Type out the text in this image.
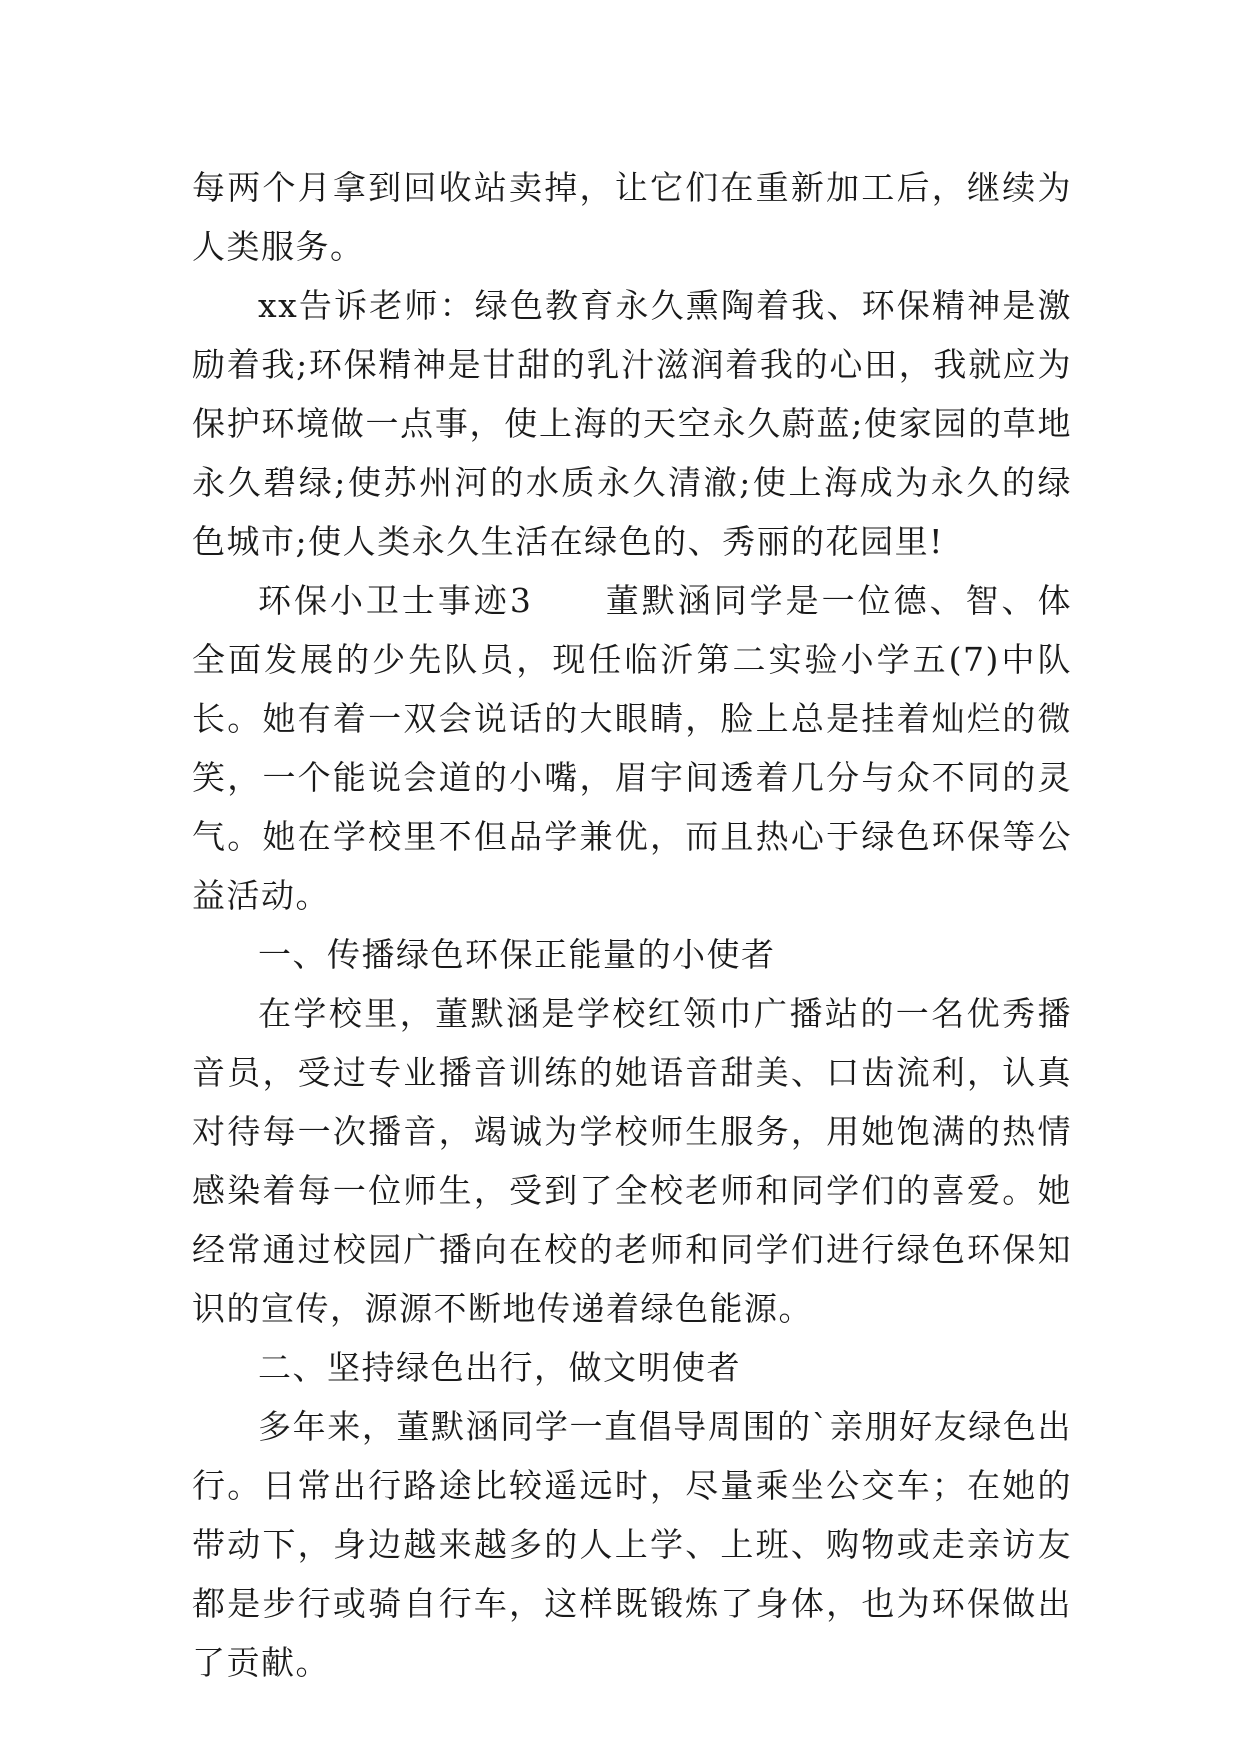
每两个月拿到回收站卖掉，让它们在重新加工后，继续为人类服务。

xx告诉老师：绿色教育永久熏陶着我、环保精神是激励着我;环保精神是甘甜的乳汁滋润着我的心田，我就应为保护环境做一点事，使上海的天空永久蔚蓝;使家园的草地永久碧绿;使苏州河的水质永久清澈;使上海成为永久的绿色城市;使人类永久生活在绿色的、秀丽的花园里!

环保小卫士事迹3　　董默涵同学是一位德、智、体全面发展的少先队员，现任临沂第二实验小学五(7)中队长。她有着一双会说话的大眼睛，脸上总是挂着灿烂的微笑，一个能说会道的小嘴，眉宇间透着几分与众不同的灵气。她在学校里不但品学兼优，而且热心于绿色环保等公益活动。

一、传播绿色环保正能量的小使者

在学校里，董默涵是学校红领巾广播站的一名优秀播音员，受过专业播音训练的她语音甜美、口齿流利，认真对待每一次播音，竭诚为学校师生服务，用她饱满的热情感染着每一位师生，受到了全校老师和同学们的喜爱。她经常通过校园广播向在校的老师和同学们进行绿色环保知识的宣传，源源不断地传递着绿色能源。

二、坚持绿色出行，做文明使者

多年来，董默涵同学一直倡导周围的`亲朋好友绿色出行。日常出行路途比较遥远时，尽量乘坐公交车；在她的带动下，身边越来越多的人上学、上班、购物或走亲访友都是步行或骑自行车，这样既锻炼了身体，也为环保做出了贡献。
